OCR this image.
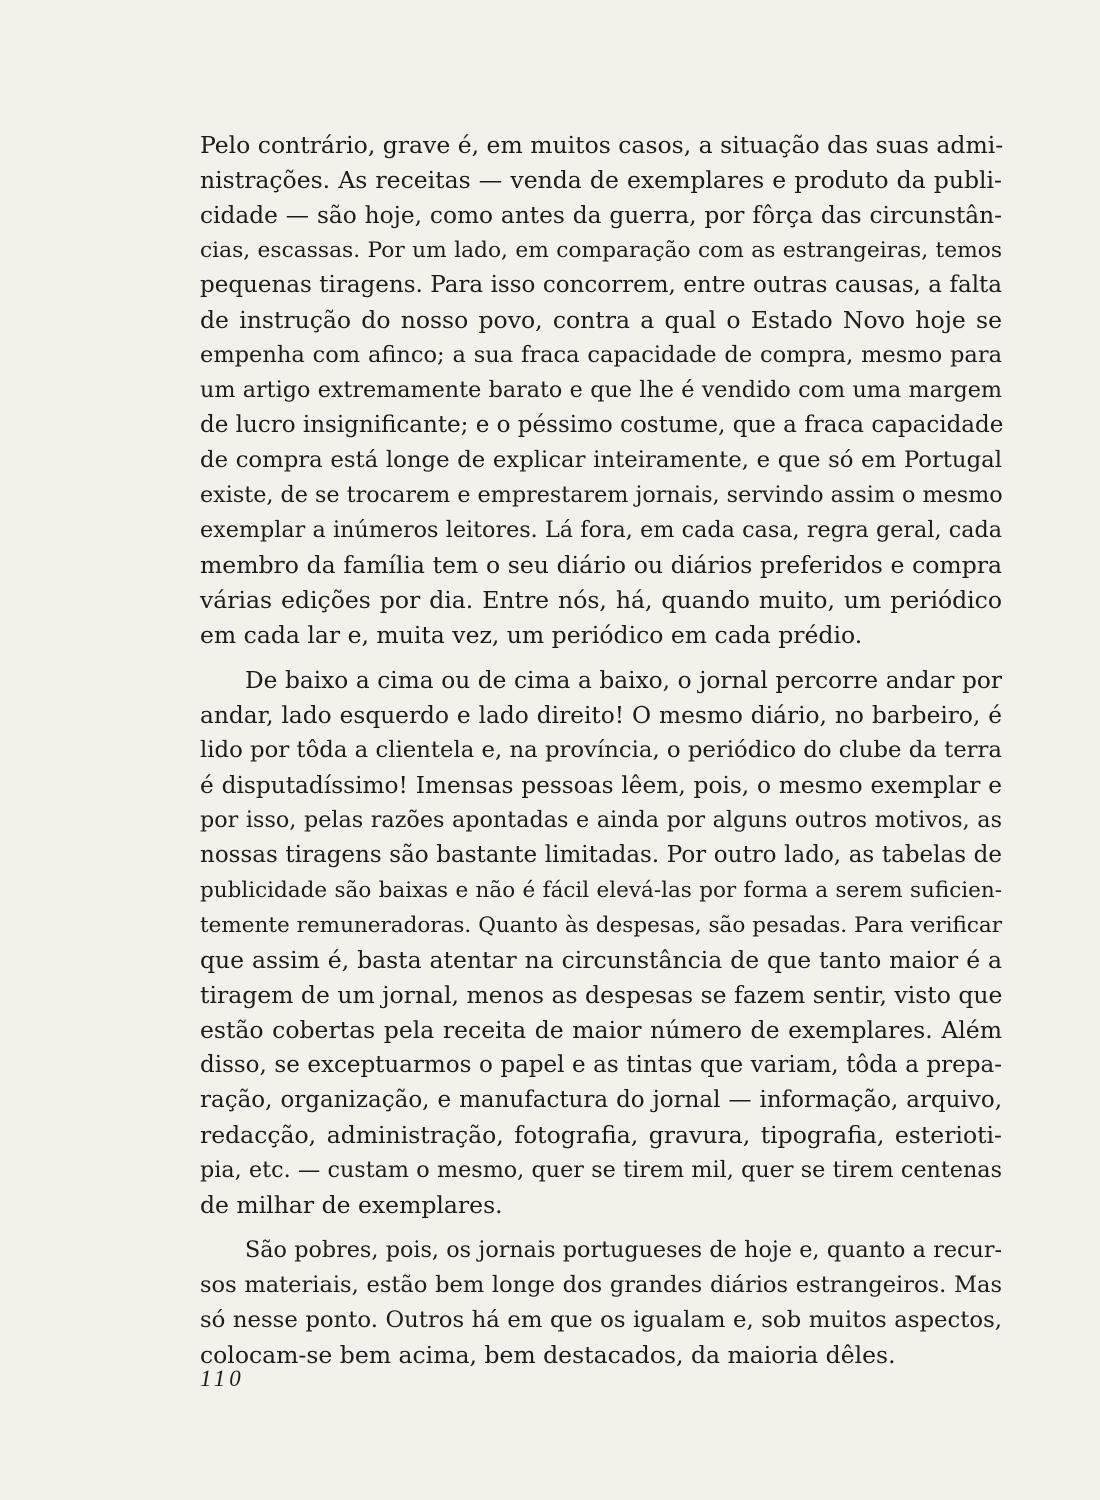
Pelo contrário, grave é, em muitos casos, a situação das suas admi-
nistrações. As receitas — venda de exemplares e produto da publi-
cidade — são hoje, como antes da guerra, por fôrça das circunstân-
cias, escassas. Por um lado, em comparação com as estrangeiras, temos
pequenas tiragens. Para isso concorrem, entre outras causas, a falta
de instrução do nosso povo, contra a qual o Estado Novo hoje se
empenha com afinco; a sua fraca capacidade de compra, mesmo para
um artigo extremamente barato e que lhe é vendido com uma margem
de lucro insignificante; e o péssimo costume, que a fraca capacidade
de compra está longe de explicar inteiramente, e que só em Portugal
existe, de se trocarem e emprestarem jornais, servindo assim o mesmo
exemplar a inúmeros leitores. Lá fora, em cada casa, regra geral, cada
membro da família tem o seu diário ou diários preferidos e compra
várias edições por dia. Entre nós, há, quando muito, um periódico
em cada lar e, muita vez, um periódico em cada prédio.
De baixo a cima ou de cima a baixo, o jornal percorre andar por
andar, lado esquerdo e lado direito! O mesmo diário, no barbeiro, é
lido por tôda a clientela e, na província, o periódico do clube da terra
é disputadíssimo! Imensas pessoas lêem, pois, o mesmo exemplar e
por isso, pelas razões apontadas e ainda por alguns outros motivos, as
nossas tiragens são bastante limitadas. Por outro lado, as tabelas de
publicidade são baixas e não é fácil elevá-las por forma a serem suficien-
temente remuneradoras. Quanto às despesas, são pesadas. Para verificar
que assim é, basta atentar na circunstância de que tanto maior é a
tiragem de um jornal, menos as despesas se fazem sentir, visto que
estão cobertas pela receita de maior número de exemplares. Além
disso, se exceptuarmos o papel e as tintas que variam, tôda a prepa-
ração, organização, e manufactura do jornal — informação, arquivo,
redacção, administração, fotografia, gravura, tipografia, esterioti-
pia, etc. — custam o mesmo, quer se tirem mil, quer se tirem centenas
de milhar de exemplares.
São pobres, pois, os jornais portugueses de hoje e, quanto a recur-
sos materiais, estão bem longe dos grandes diários estrangeiros. Mas
só nesse ponto. Outros há em que os igualam e, sob muitos aspectos,
colocam-se bem acima, bem destacados, da maioria dêles.
110
